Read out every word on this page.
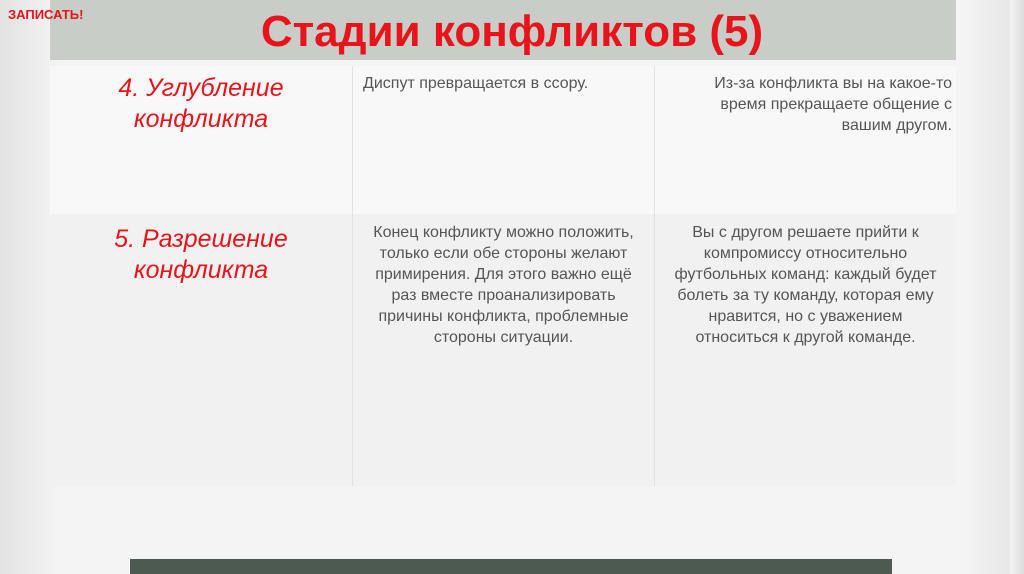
Стадии конфликтов (5)

ЗАПИСАТЬ!

4. Углубление конфликта
Диспут превращается в ссору.	Из-за конфликта вы на какое-то время прекращаете общение с вашим другом.
5. Разрешение конфликта
Конец конфликту можно положить, только если обе стороны желают примирения. Для этого важно ещё раз вместе проанализировать причины конфликта, проблемные стороны ситуации.
Вы с другом решаете прийти к компромиссу относительно футбольных команд: каждый будет болеть за ту команду, которая ему нравится, но с уважением относиться к другой команде.
